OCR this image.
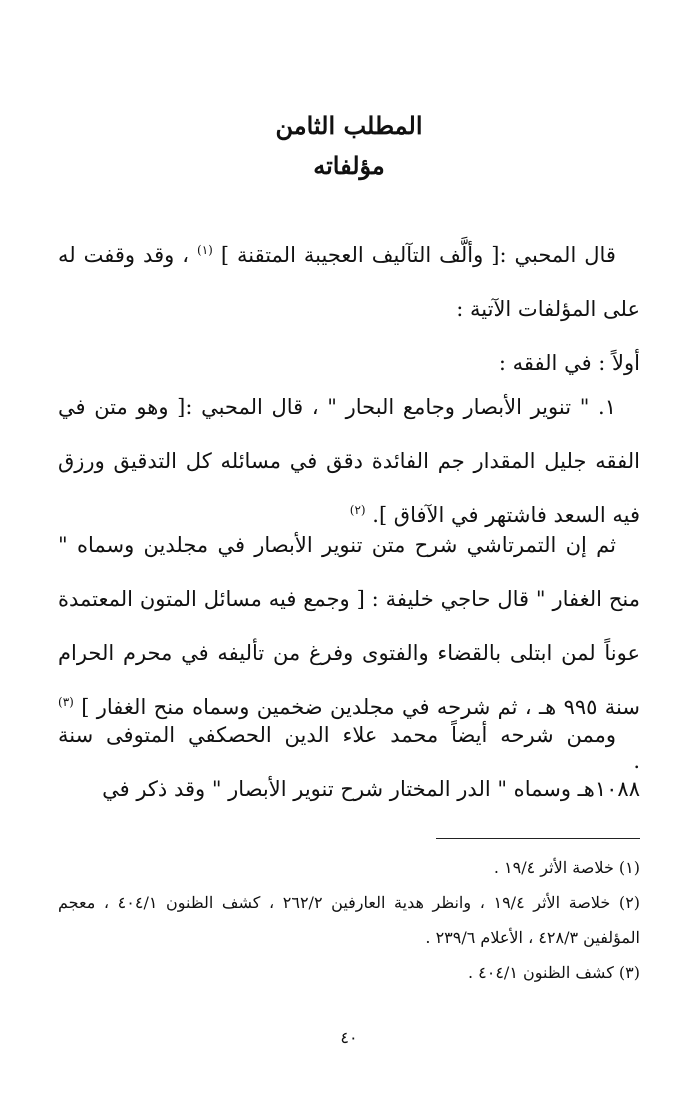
المطلب الثامن
مؤلفاته

قال المحبي :[ وألَّف التآليف العجيبة المتقنة ] $^{(١)}$ ، وقد وقفت له على المؤلفات الآتية :

أولاً : في الفقه :

١. " تنوير الأبصار وجامع البحار " ، قال المحبي :[ وهو متن في الفقه جليل المقدار جم الفائدة دقق في مسائله كل التدقيق ورزق فيه السعد فاشتهر في الآفاق ]. $^{(٢)}$

ثم إن التمرتاشي شرح متن تنوير الأبصار في مجلدين وسماه " منح الغفار " قال حاجي خليفة : [ وجمع فيه مسائل المتون المعتمدة عوناً لمن ابتلى بالقضاء والفتوى وفرغ من تأليفه في محرم الحرام سنة ٩٩٥ هـ ، ثم شرحه في مجلدين ضخمين وسماه منح الغفار ] $^{(٣)}$ .

وممن شرحه أيضاً محمد علاء الدين الحصكفي المتوفى سنة ١٠٨٨هـ وسماه " الدر المختار شرح تنوير الأبصار " وقد ذكر في

(١) خلاصة الأثر ١٩/٤ .

(٢) خلاصة الأثر ١٩/٤ ، وانظر هدية العارفين ٢٦٢/٢ ، كشف الظنون ٤٠٤/١ ، معجم المؤلفين ٤٢٨/٣ ، الأعلام ٢٣٩/٦ .

(٣) كشف الظنون ٤٠٤/١ .

٤٠
